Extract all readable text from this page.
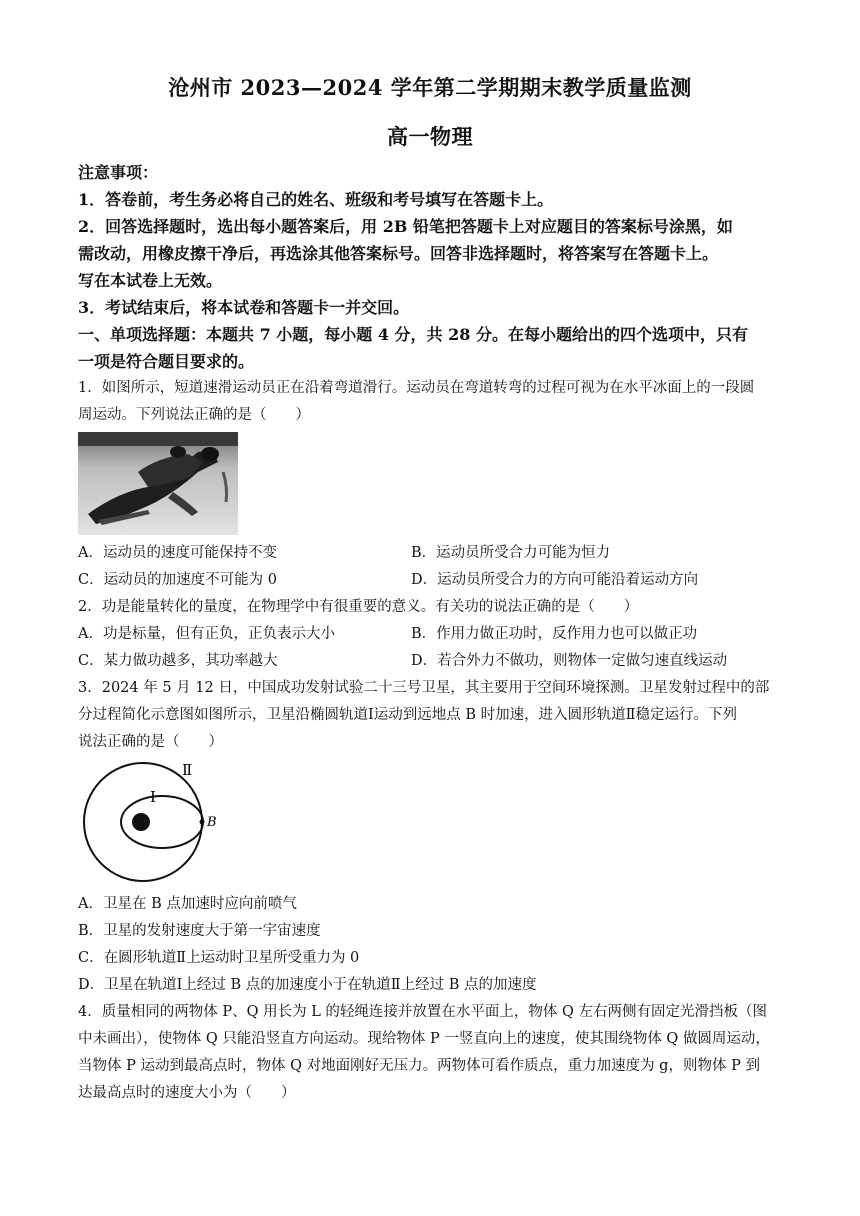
沧州市 2023—2024 学年第二学期期末教学质量监测
高一物理
注意事项：
1．答卷前，考生务必将自己的姓名、班级和考号填写在答题卡上。
2．回答选择题时，选出每小题答案后，用 2B 铅笔把答题卡上对应题目的答案标号涂黑，如
需改动，用橡皮擦干净后，再选涂其他答案标号。回答非选择题时，将答案写在答题卡上。
写在本试卷上无效。
3．考试结束后，将本试卷和答题卡一并交回。
一、单项选择题：本题共 7 小题，每小题 4 分，共 28 分。在每小题给出的四个选项中，只有
一项是符合题目要求的。
1．如图所示，短道速滑运动员正在沿着弯道滑行。运动员在弯道转弯的过程可视为在水平冰面上的一段圆
周运动。下列说法正确的是（　　）
A．运动员的速度可能保持不变	B．运动员所受合力可能为恒力
C．运动员的加速度不可能为 0	D．运动员所受合力的方向可能沿着运动方向
2．功是能量转化的量度，在物理学中有很重要的意义。有关功的说法正确的是（　　）
A．功是标量，但有正负，正负表示大小	B．作用力做正功时，反作用力也可以做正功
C．某力做功越多，其功率越大	D．若合外力不做功，则物体一定做匀速直线运动
3．2024 年 5 月 12 日，中国成功发射试验二十三号卫星，其主要用于空间环境探测。卫星发射过程中的部
分过程简化示意图如图所示，卫星沿椭圆轨道Ⅰ运动到远地点 B 时加速，进入圆形轨道Ⅱ稳定运行。下列
说法正确的是（　　）
Ⅰ
Ⅱ
B
A．卫星在 B 点加速时应向前喷气
B．卫星的发射速度大于第一宇宙速度
C．在圆形轨道Ⅱ上运动时卫星所受重力为 0
D．卫星在轨道Ⅰ上经过 B 点的加速度小于在轨道Ⅱ上经过 B 点的加速度
4．质量相同的两物体 P、Q 用长为 L 的轻绳连接并放置在水平面上，物体 Q 左右两侧有固定光滑挡板（图
中未画出），使物体 Q 只能沿竖直方向运动。现给物体 P 一竖直向上的速度，使其围绕物体 Q 做圆周运动，
当物体 P 运动到最高点时，物体 Q 对地面刚好无压力。两物体可看作质点，重力加速度为 g，则物体 P 到
达最高点时的速度大小为（　　）
